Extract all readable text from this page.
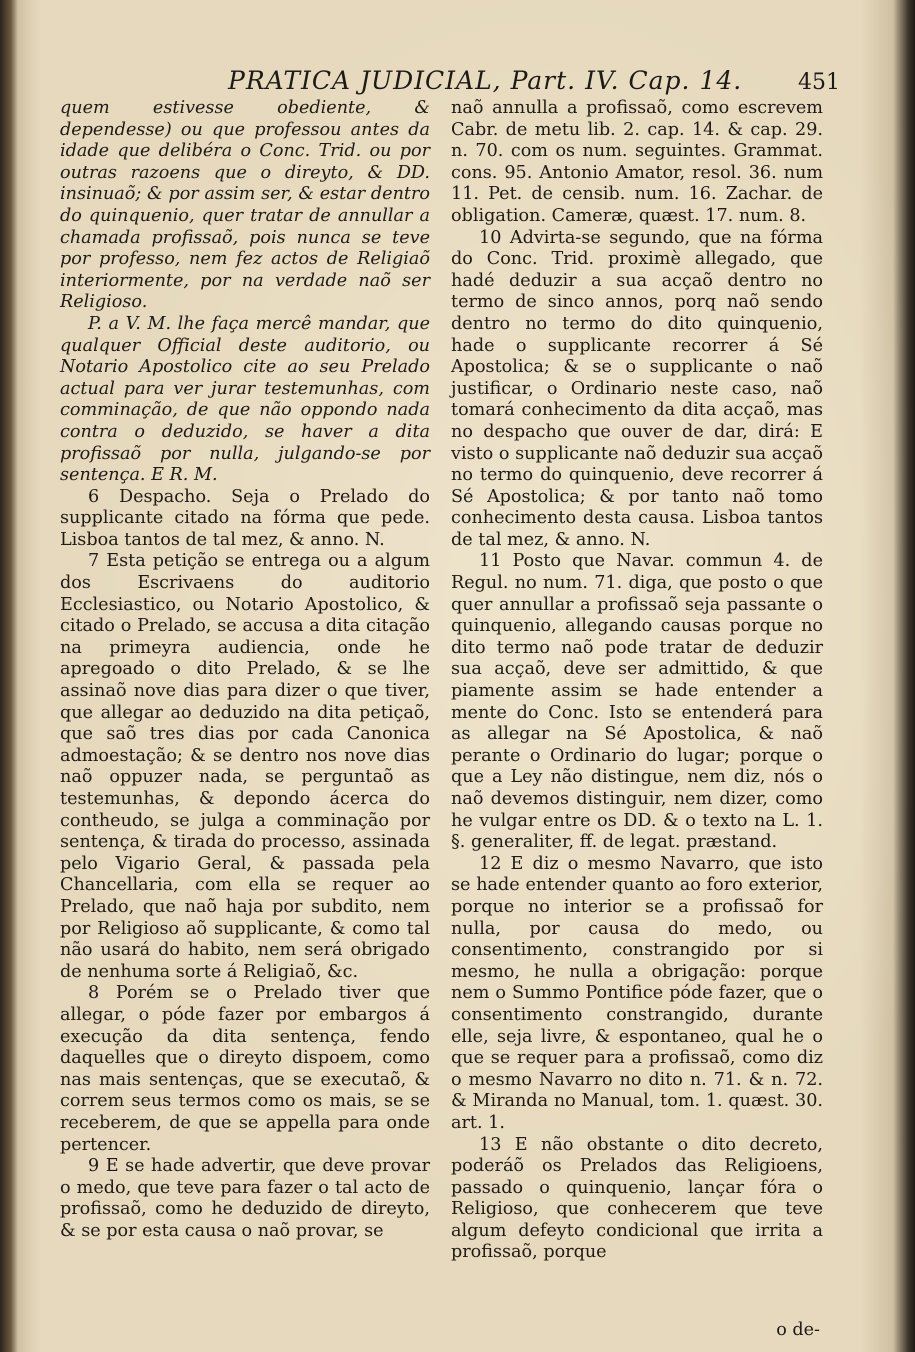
PRATICA JUDICIAL, Part. IV. Cap. 14.	451

quem estivesse obediente, & dependesse) ou que professou antes da idade que delibéra o Conc. Trid. ou por outras razoens que o direyto, & DD. insinuaõ; & por assim ser, & estar dentro do quinquenio, quer tratar de annullar a chamada profissaõ, pois nunca se teve por professo, nem fez actos de Religiaõ interiormente, por na verdade naõ ser Religioso.

P. a V. M. lhe faça mercê mandar, que qualquer Official deste auditorio, ou Notario Apostolico cite ao seu Prelado actual para ver jurar testemunhas, com comminação, de que não oppondo nada contra o deduzido, se haver a dita profissaõ por nulla, julgando-se por sentença. E R. M.

6 Despacho. Seja o Prelado do supplicante citado na fórma que pede. Lisboa tantos de tal mez, & anno. N.

7 Esta petição se entrega ou a algum dos Escrivaens do auditorio Ecclesiastico, ou Notario Apostolico, & citado o Prelado, se accusa a dita citação na primeyra audiencia, onde he apregoado o dito Prelado, & se lhe assinaõ nove dias para dizer o que tiver, que allegar ao deduzido na dita petiçaõ, que saõ tres dias por cada Canonica admoestação; & se dentro nos nove dias naõ oppuzer nada, se perguntaõ as testemunhas, & depondo ácerca do contheudo, se julga a comminação por sentença, & tirada do processo, assinada pelo Vigario Geral, & passada pela Chancellaria, com ella se requer ao Prelado, que naõ haja por subdito, nem por Religioso aõ supplicante, & como tal não usará do habito, nem será obrigado de nenhuma sorte á Religiaõ, &c.

8 Porém se o Prelado tiver que allegar, o póde fazer por embargos á execução da dita sentença, fendo daquelles que o direyto dispoem, como nas mais sentenças, que se executaõ, & correm seus termos como os mais, se se receberem, de que se appella para onde pertencer.

9 E se hade advertir, que deve provar o medo, que teve para fazer o tal acto de profissaõ, como he deduzido de direyto, & se por esta causa o naõ provar, se

naõ annulla a profissaõ, como escrevem Cabr. de metu lib. 2. cap. 14. & cap. 29. n. 70. com os num. seguintes. Grammat. cons. 95. Antonio Amator, resol. 36. num 11. Pet. de censib. num. 16. Zachar. de obligation. Cameræ, quæst. 17. num. 8.

10 Advirta-se segundo, que na fórma do Conc. Trid. proximè allegado, que hadé deduzir a sua acçaõ dentro no termo de sinco annos, porq naõ sendo dentro no termo do dito quinquenio, hade o supplicante recorrer á Sé Apostolica; & se o supplicante o naõ justificar, o Ordinario neste caso, naõ tomará conhecimento da dita acçaõ, mas no despacho que ouver de dar, dirá: E visto o supplicante naõ deduzir sua acçaõ no termo do quinquenio, deve recorrer á Sé Apostolica; & por tanto naõ tomo conhecimento desta causa. Lisboa tantos de tal mez, & anno. N.

11 Posto que Navar. commun 4. de Regul. no num. 71. diga, que posto o que quer annullar a profissaõ seja passante o quinquenio, allegando causas porque no dito termo naõ pode tratar de deduzir sua acçaõ, deve ser admittido, & que piamente assim se hade entender a mente do Conc. Isto se entenderá para as allegar na Sé Apostolica, & naõ perante o Ordinario do lugar; porque o que a Ley não distingue, nem diz, nós o naõ devemos distinguir, nem dizer, como he vulgar entre os DD. & o texto na L. 1. §. generaliter, ff. de legat. præstand.

12 E diz o mesmo Navarro, que isto se hade entender quanto ao foro exterior, porque no interior se a profissaõ for nulla, por causa do medo, ou consentimento, constrangido por si mesmo, he nulla a obrigação: porque nem o Summo Pontifice póde fazer, que o consentimento constrangido, durante elle, seja livre, & espontaneo, qual he o que se requer para a profissaõ, como diz o mesmo Navarro no dito n. 71. & n. 72. & Miranda no Manual, tom. 1. quæst. 30. art. 1.

13 E não obstante o dito decreto, poderáõ os Prelados das Religioens, passado o quinquenio, lançar fóra o Religioso, que conhecerem que teve algum defeyto condicional que irrita a profissaõ, porque

o de-
